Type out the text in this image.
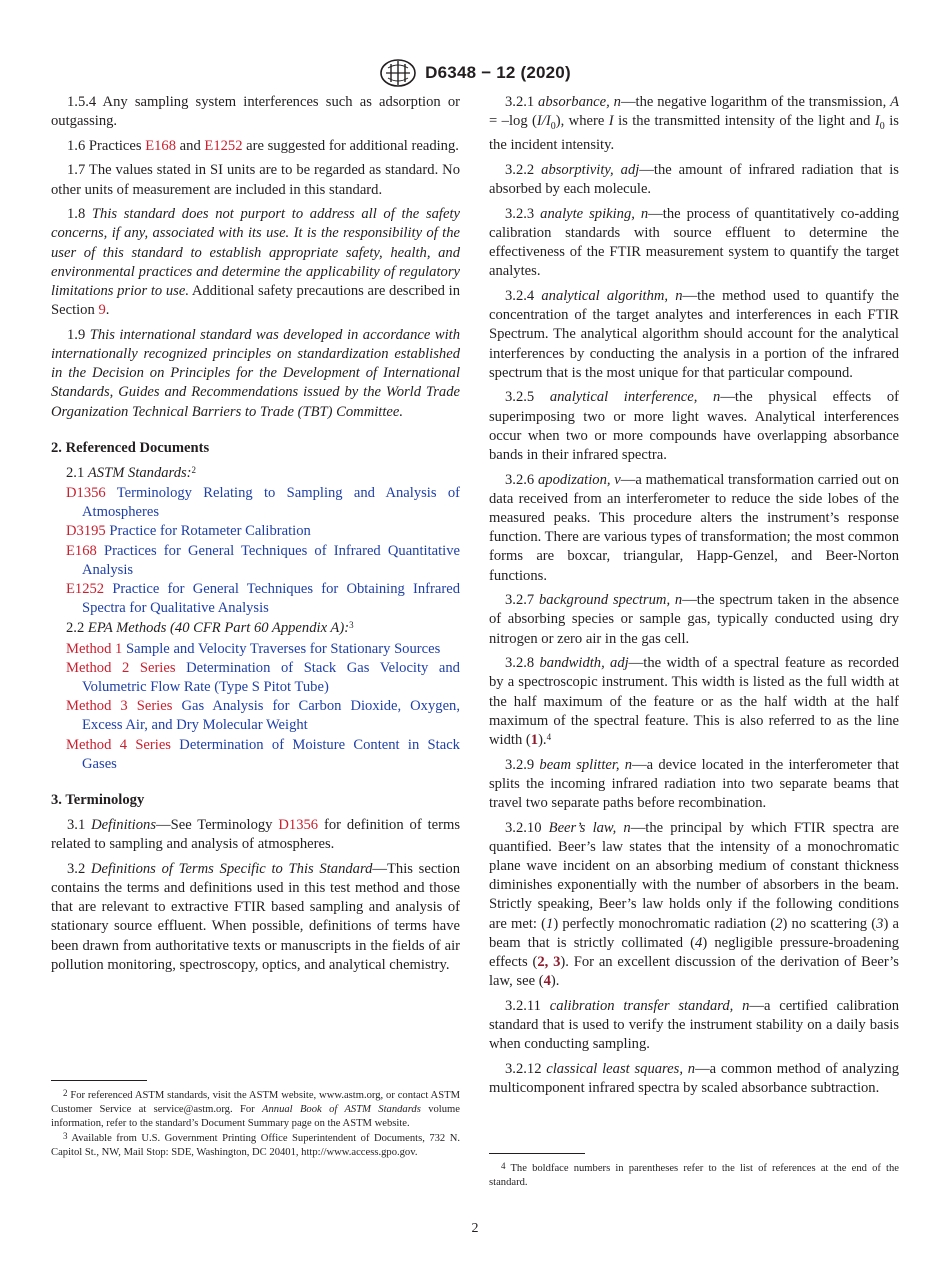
D6348 − 12 (2020)

1.5.4 Any sampling system interferences such as adsorption or outgassing.

1.6 Practices E168 and E1252 are suggested for additional reading.

1.7 The values stated in SI units are to be regarded as standard. No other units of measurement are included in this standard.

1.8 This standard does not purport to address all of the safety concerns, if any, associated with its use. It is the responsibility of the user of this standard to establish appropriate safety, health, and environmental practices and determine the applicability of regulatory limitations prior to use. Additional safety precautions are described in Section 9.

1.9 This international standard was developed in accordance with internationally recognized principles on standardization established in the Decision on Principles for the Development of International Standards, Guides and Recommendations issued by the World Trade Organization Technical Barriers to Trade (TBT) Committee.

2. Referenced Documents

2.1 ASTM Standards:$^2$

D1356 Terminology Relating to Sampling and Analysis of Atmospheres

D3195 Practice for Rotameter Calibration

E168 Practices for General Techniques of Infrared Quantitative Analysis

E1252 Practice for General Techniques for Obtaining Infrared Spectra for Qualitative Analysis

2.2 EPA Methods (40 CFR Part 60 Appendix A):$^3$

Method 1 Sample and Velocity Traverses for Stationary Sources

Method 2 Series Determination of Stack Gas Velocity and Volumetric Flow Rate (Type S Pitot Tube)

Method 3 Series Gas Analysis for Carbon Dioxide, Oxygen, Excess Air, and Dry Molecular Weight

Method 4 Series Determination of Moisture Content in Stack Gases

3. Terminology

3.1 Definitions—See Terminology D1356 for definition of terms related to sampling and analysis of atmospheres.

3.2 Definitions of Terms Specific to This Standard—This section contains the terms and definitions used in this test method and those that are relevant to extractive FTIR based sampling and analysis of stationary source effluent. When possible, definitions of terms have been drawn from authoritative texts or manuscripts in the fields of air pollution monitoring, spectroscopy, optics, and analytical chemistry.

$^2$ For referenced ASTM standards, visit the ASTM website, www.astm.org, or contact ASTM Customer Service at service@astm.org. For Annual Book of ASTM Standards volume information, refer to the standard’s Document Summary page on the ASTM website.

$^3$ Available from U.S. Government Printing Office Superintendent of Documents, 732 N. Capitol St., NW, Mail Stop: SDE, Washington, DC 20401, http://www.access.gpo.gov.

3.2.1 absorbance, n—the negative logarithm of the transmission, A = –log $(I/I_0)$, where I is the transmitted intensity of the light and $I_0$ is the incident intensity.

3.2.2 absorptivity, adj—the amount of infrared radiation that is absorbed by each molecule.

3.2.3 analyte spiking, n—the process of quantitatively co-adding calibration standards with source effluent to determine the effectiveness of the FTIR measurement system to quantify the target analytes.

3.2.4 analytical algorithm, n—the method used to quantify the concentration of the target analytes and interferences in each FTIR Spectrum. The analytical algorithm should account for the analytical interferences by conducting the analysis in a portion of the infrared spectrum that is the most unique for that particular compound.

3.2.5 analytical interference, n—the physical effects of superimposing two or more light waves. Analytical interferences occur when two or more compounds have overlapping absorbance bands in their infrared spectra.

3.2.6 apodization, v—a mathematical transformation carried out on data received from an interferometer to reduce the side lobes of the measured peaks. This procedure alters the instrument’s response function. There are various types of transformation; the most common forms are boxcar, triangular, Happ-Genzel, and Beer-Norton functions.

3.2.7 background spectrum, n—the spectrum taken in the absence of absorbing species or sample gas, typically conducted using dry nitrogen or zero air in the gas cell.

3.2.8 bandwidth, adj—the width of a spectral feature as recorded by a spectroscopic instrument. This width is listed as the full width at the half maximum of the feature or as the half width at the half maximum of the spectral feature. This is also referred to as the line width (1).$^4$

3.2.9 beam splitter, n—a device located in the interferometer that splits the incoming infrared radiation into two separate beams that travel two separate paths before recombination.

3.2.10 Beer’s law, n—the principal by which FTIR spectra are quantified. Beer’s law states that the intensity of a monochromatic plane wave incident on an absorbing medium of constant thickness diminishes exponentially with the number of absorbers in the beam. Strictly speaking, Beer’s law holds only if the following conditions are met: (1) perfectly monochromatic radiation (2) no scattering (3) a beam that is strictly collimated (4) negligible pressure-broadening effects (2, 3). For an excellent discussion of the derivation of Beer’s law, see (4).

3.2.11 calibration transfer standard, n—a certified calibration standard that is used to verify the instrument stability on a daily basis when conducting sampling.

3.2.12 classical least squares, n—a common method of analyzing multicomponent infrared spectra by scaled absorbance subtraction.

$^4$ The boldface numbers in parentheses refer to the list of references at the end of the standard.

2
